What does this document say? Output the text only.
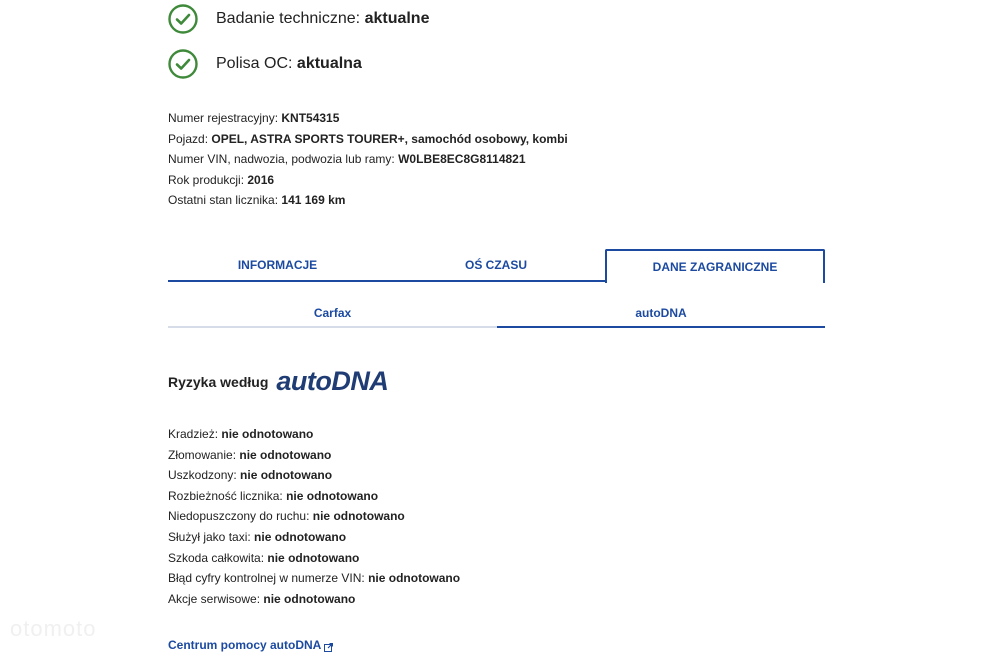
Badanie techniczne: aktualne
Polisa OC: aktualna
Numer rejestracyjny: KNT54315
Pojazd: OPEL, ASTRA SPORTS TOURER+, samochód osobowy, kombi
Numer VIN, nadwozia, podwozia lub ramy: W0LBE8EC8G8114821
Rok produkcji: 2016
Ostatni stan licznika: 141 169 km
INFORMACJE	OŚ CZASU	DANE ZAGRANICZNE
Carfax	autoDNA
Ryzyka według autoDNA
Kradzież: nie odnotowano
Złomowanie: nie odnotowano
Uszkodzony: nie odnotowano
Rozbieżność licznika: nie odnotowano
Niedopuszczony do ruchu: nie odnotowano
Służył jako taxi: nie odnotowano
Szkoda całkowita: nie odnotowano
Błąd cyfry kontrolnej w numerze VIN: nie odnotowano
Akcje serwisowe: nie odnotowano
otomoto
Centrum pomocy autoDNA
